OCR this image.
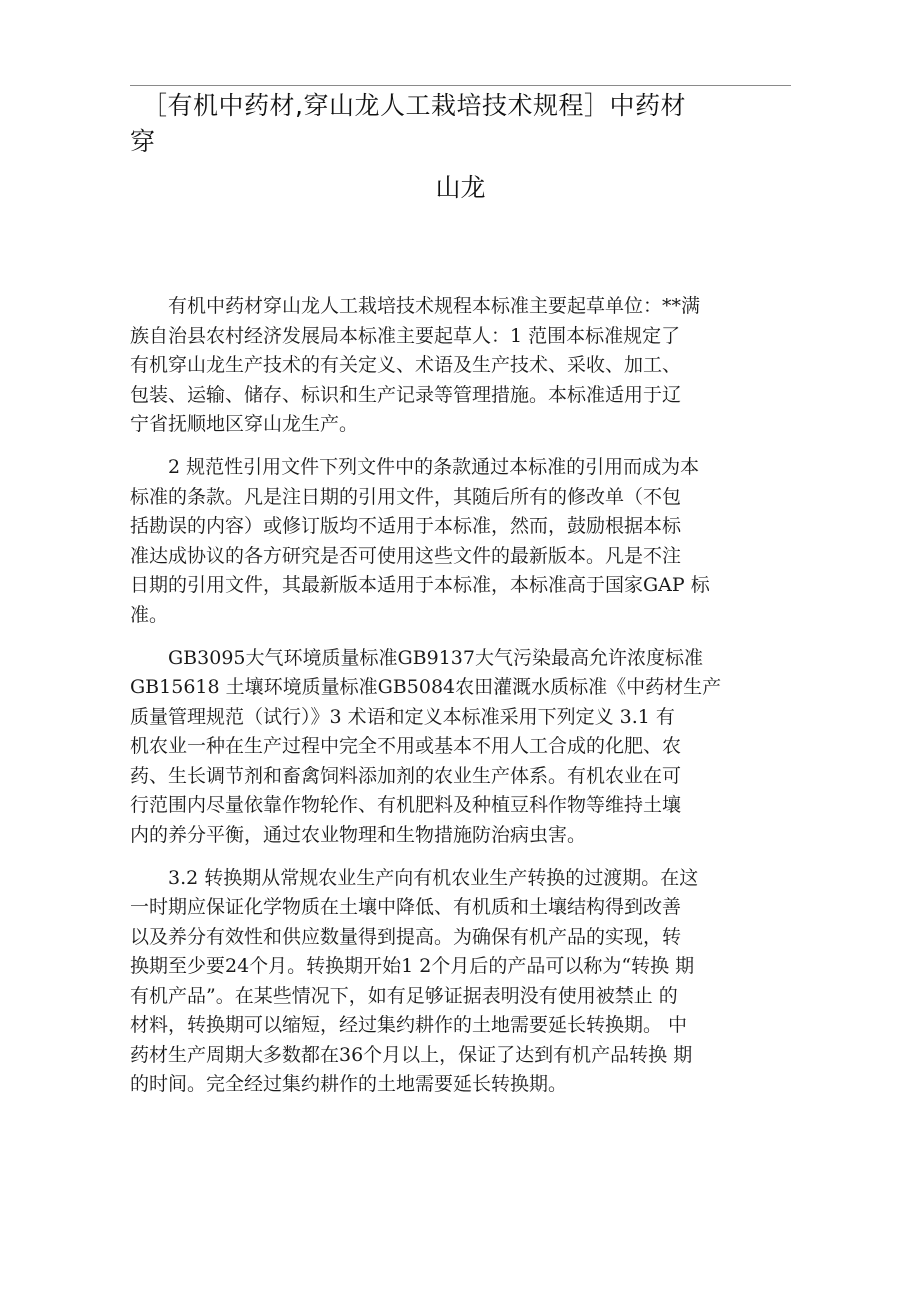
［有机中药材,穿山龙人工栽培技术规程］中药材
穿
山龙
有机中药材穿山龙人工栽培技术规程本标准主要起草单位：**满
族自治县农村经济发展局本标准主要起草人：1 范围本标准规定了
有机穿山龙生产技术的有关定义、术语及生产技术、采收、加工、
包装、运输、储存、标识和生产记录等管理措施。本标准适用于辽
宁省抚顺地区穿山龙生产。
2 规范性引用文件下列文件中的条款通过本标准的引用而成为本
标准的条款。凡是注日期的引用文件，其随后所有的修改单（不包
括勘误的内容）或修订版均不适用于本标准，然而，鼓励根据本标
准达成协议的各方研究是否可使用这些文件的最新版本。凡是不注
日期的引用文件，其最新版本适用于本标准，本标准高于国家GAP 标
准。
GB3095大气环境质量标准GB9137大气污染最高允许浓度标准
GB15618 土壤环境质量标准GB5084农田灌溉水质标准《中药材生产
质量管理规范（试行）》3 术语和定义本标准采用下列定义 3.1 有
机农业一种在生产过程中完全不用或基本不用人工合成的化肥、农
药、生长调节剂和畜禽饲料添加剂的农业生产体系。有机农业在可
行范围内尽量依靠作物轮作、有机肥料及种植豆科作物等维持土壤
内的养分平衡，通过农业物理和生物措施防治病虫害。
3.2 转换期从常规农业生产向有机农业生产转换的过渡期。在这
一时期应保证化学物质在土壤中降低、有机质和土壤结构得到改善
以及养分有效性和供应数量得到提高。为确保有机产品的实现，转
换期至少要24个月。转换期开始1 2个月后的产品可以称为“转换 期
有机产品”。在某些情况下，如有足够证据表明没有使用被禁止 的
材料，转换期可以缩短，经过集约耕作的土地需要延长转换期。 中
药材生产周期大多数都在36个月以上，保证了达到有机产品转换 期
的时间。完全经过集约耕作的土地需要延长转换期。
